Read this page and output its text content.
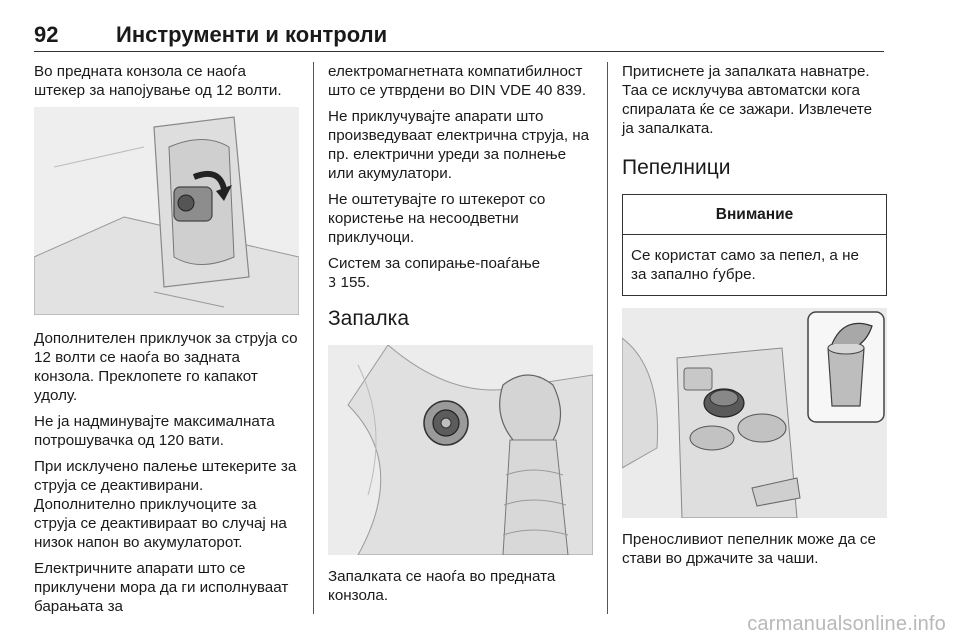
92	Инструменти и контроли

Во предната конзола се наоѓа штекер за напојување од 12 волти.

Дополнителен приклучок за струја со 12 волти се наоѓа во задната конзола. Преклопете го капакот удолу.

Не ја надминувајте максималната потрошувачка од 120 вати.

При исклучено палење штекерите за струја се деактивирани. Дополнително приклучоците за струја се деактивираат во случај на низок напон во акумулаторот.

Електричните апарати што се приклучени мора да ги исполнуваат барањата за

електромагнетната компатибилност што се утврдени во DIN VDE 40 839.

Не приклучувајте апарати што произведуваат електрична струја, на пр. електрични уреди за полнење или акумулатори.

Не оштетувајте го штекерот со користење на несоодветни приклучоци.

Систем за сопирање-поаѓање
3 155.

Запалка

Запалката се наоѓа во предната конзола.

Притиснете ја запалката навнатре. Таа се исклучува автоматски кога спиралата ќе се зажари. Извлечете ја запалката.

Пепелници
Внимание
Се користат само за пепел, а не за запално ѓубре.

Преносливиот пепелник може да се стави во држачите за чаши.

carmanualsonline.info
